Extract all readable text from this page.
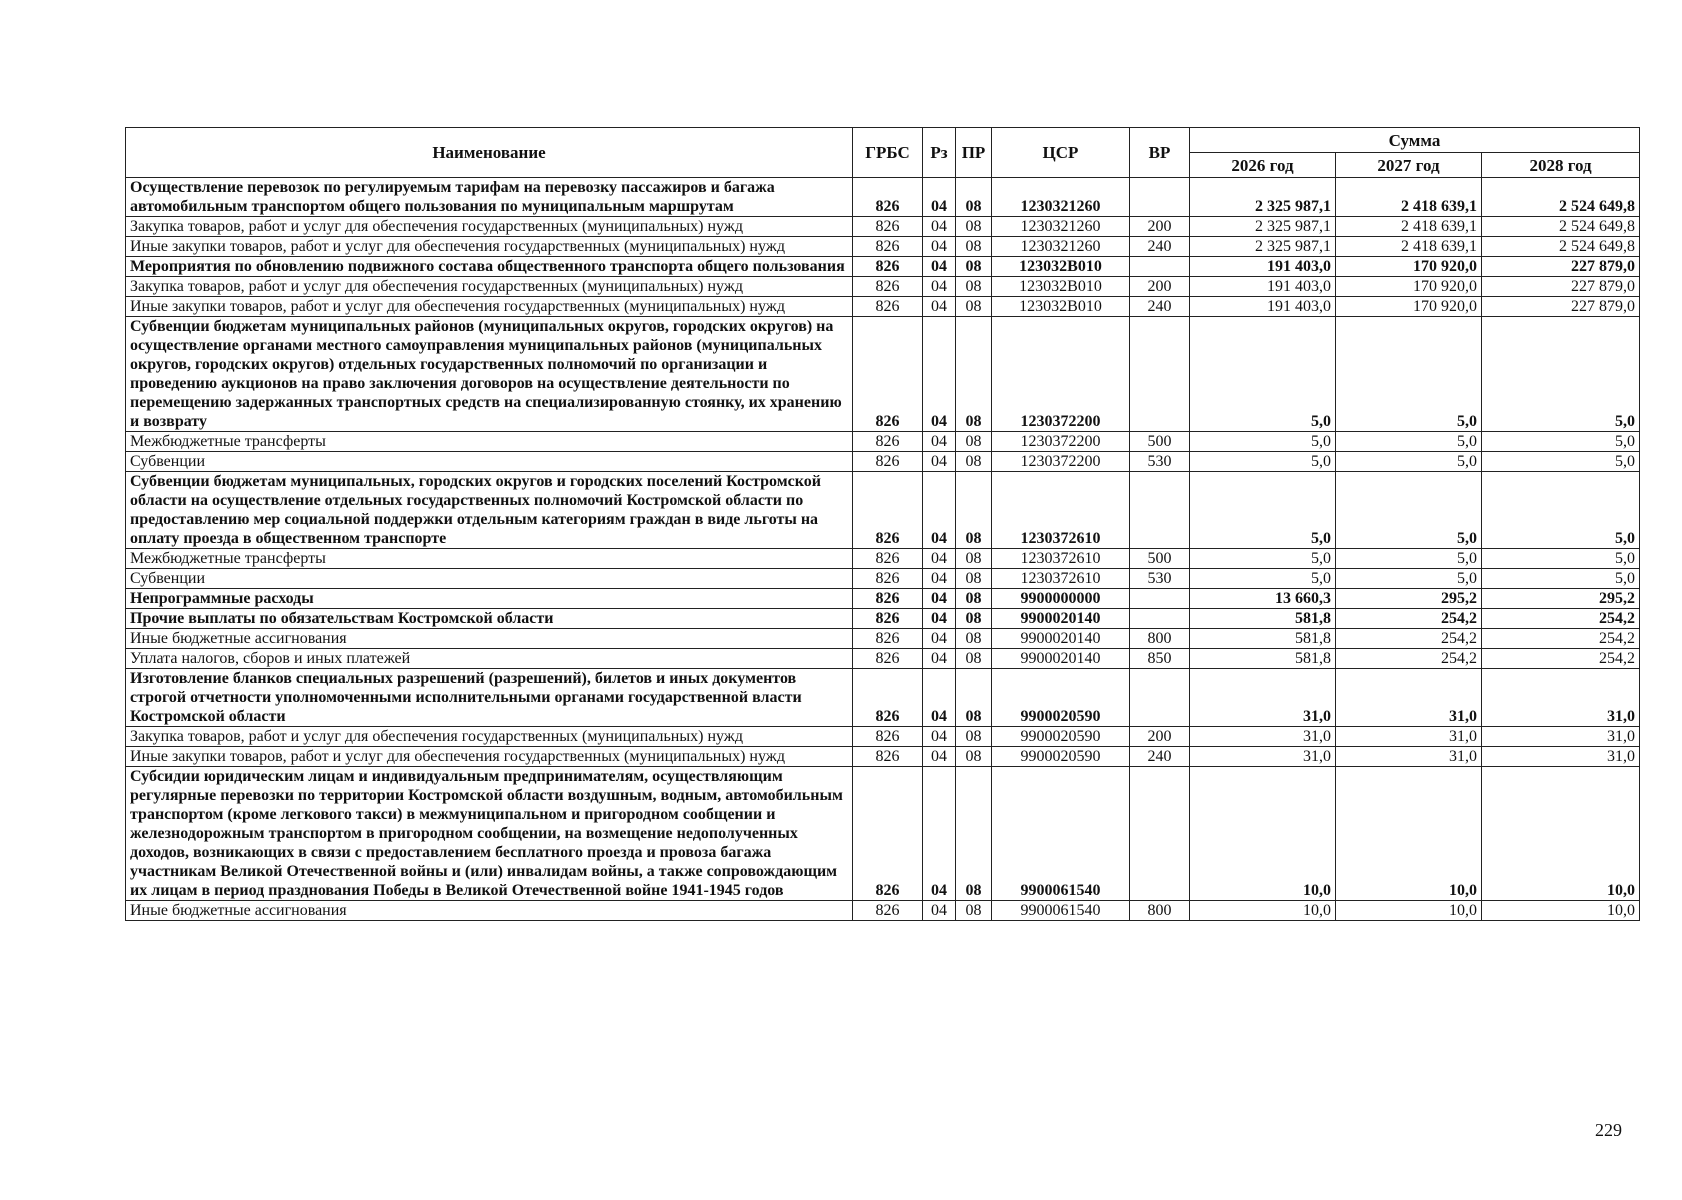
Наименование	ГРБС	Рз	ПР	ЦСР	ВР	Сумма		
						2026 год	2027 год	2028 год
Осуществление перевозок по регулируемым тарифам на перевозку пассажиров и багажа автомобильным транспортом общего пользования по муниципальным маршрутам	826	04	08	1230321260		2 325 987,1	2 418 639,1	2 524 649,8
Закупка товаров, работ и услуг для обеспечения государственных (муниципальных) нужд	826	04	08	1230321260	200	2 325 987,1	2 418 639,1	2 524 649,8
Иные закупки товаров, работ и услуг для обеспечения государственных (муниципальных) нужд	826	04	08	1230321260	240	2 325 987,1	2 418 639,1	2 524 649,8
Мероприятия по обновлению подвижного состава общественного транспорта общего пользования	826	04	08	123032B010		191 403,0	170 920,0	227 879,0
Закупка товаров, работ и услуг для обеспечения государственных (муниципальных) нужд	826	04	08	123032B010	200	191 403,0	170 920,0	227 879,0
Иные закупки товаров, работ и услуг для обеспечения государственных (муниципальных) нужд	826	04	08	123032B010	240	191 403,0	170 920,0	227 879,0
Субвенции бюджетам муниципальных районов (муниципальных округов, городских округов) на осуществление органами местного самоуправления муниципальных районов (муниципальных округов, городских округов) отдельных государственных полномочий по организации и проведению аукционов на право заключения договоров на осуществление деятельности по перемещению задержанных транспортных средств на специализированную стоянку, их хранению и возврату	826	04	08	1230372200		5,0	5,0	5,0
Межбюджетные трансферты	826	04	08	1230372200	500	5,0	5,0	5,0
Субвенции	826	04	08	1230372200	530	5,0	5,0	5,0
Субвенции бюджетам муниципальных, городских округов и городских поселений Костромской области на осуществление отдельных государственных полномочий Костромской области по предоставлению мер социальной поддержки отдельным категориям граждан в виде льготы на оплату проезда в общественном транспорте	826	04	08	1230372610		5,0	5,0	5,0
Межбюджетные трансферты	826	04	08	1230372610	500	5,0	5,0	5,0
Субвенции	826	04	08	1230372610	530	5,0	5,0	5,0
Непрограммные расходы	826	04	08	9900000000		13 660,3	295,2	295,2
Прочие выплаты по обязательствам Костромской области	826	04	08	9900020140		581,8	254,2	254,2
Иные бюджетные ассигнования	826	04	08	9900020140	800	581,8	254,2	254,2
Уплата налогов, сборов и иных платежей	826	04	08	9900020140	850	581,8	254,2	254,2
Изготовление бланков специальных разрешений (разрешений), билетов и иных документов строгой отчетности уполномоченными исполнительными органами государственной власти Костромской области	826	04	08	9900020590		31,0	31,0	31,0
Закупка товаров, работ и услуг для обеспечения государственных (муниципальных) нужд	826	04	08	9900020590	200	31,0	31,0	31,0
Иные закупки товаров, работ и услуг для обеспечения государственных (муниципальных) нужд	826	04	08	9900020590	240	31,0	31,0	31,0
Субсидии юридическим лицам и индивидуальным предпринимателям, осуществляющим регулярные перевозки по территории Костромской области воздушным, водным, автомобильным транспортом (кроме легкового такси) в межмуниципальном и пригородном сообщении и железнодорожным транспортом в пригородном сообщении, на возмещение недополученных доходов, возникающих в связи с предоставлением бесплатного проезда и провоза багажа участникам Великой Отечественной войны и (или) инвалидам войны, а также сопровождающим их лицам в период празднования Победы в Великой Отечественной войне 1941-1945 годов	826	04	08	9900061540		10,0	10,0	10,0
Иные бюджетные ассигнования	826	04	08	9900061540	800	10,0	10,0	10,0
229
